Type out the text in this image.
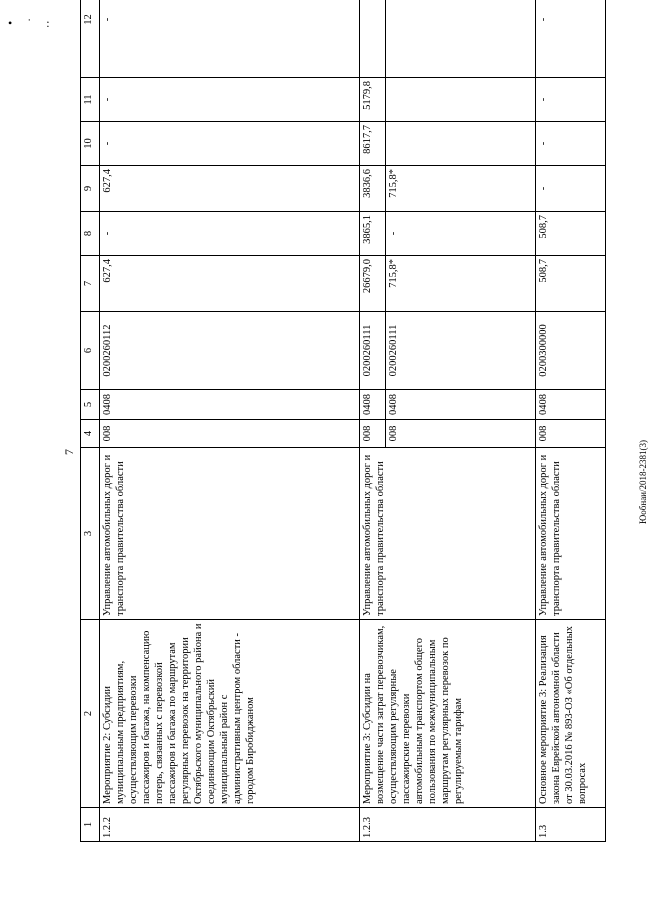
• ˙ :
Юобнаи/2018-2381(3)
7
1	2	3	4	5	6	7	8	9	10	11	12
1.2.2	Мероприятие 2: Субсидии муниципальным предприятиям, осуществляющим перевозки пассажиров и багажа, на компенсацию потерь, связанных с перевозкой пассажиров и багажа по маршрутам регулярных перевозок на территории Октябрьского муниципального района и соединяющим Октябрьский муниципальный район с административным центром области - городом Биробиджаном	Управление автомобильных дорог и транспорта правительства области	008	0408	0200260112	627,4	-	627,4	-	-	-
1.2.3	Мероприятие 3: Субсидии на возмещение части затрат перевозчикам, осуществляющим регулярные пассажирские перевозки автомобильным транспортом общего пользования по межмуниципальным маршрутам регулярных перевозок по регулируемым тарифам	Управление автомобильных дорог и транспорта правительства области	008	0408	0200260111	26679,0	3865,1	3836,6	8617,7	5179,8	
			008	0408	0200260111	715,8*	-	715,8*			
1.3	Основное мероприятие 3: Реализация закона Еврейской автономной области от 30.03.2016 № 893-ОЗ «Об отдельных вопросах	Управление автомобильных дорог и транспорта правительства области	008	0408	0200300000	508,7	508,7	-	-	-	-
